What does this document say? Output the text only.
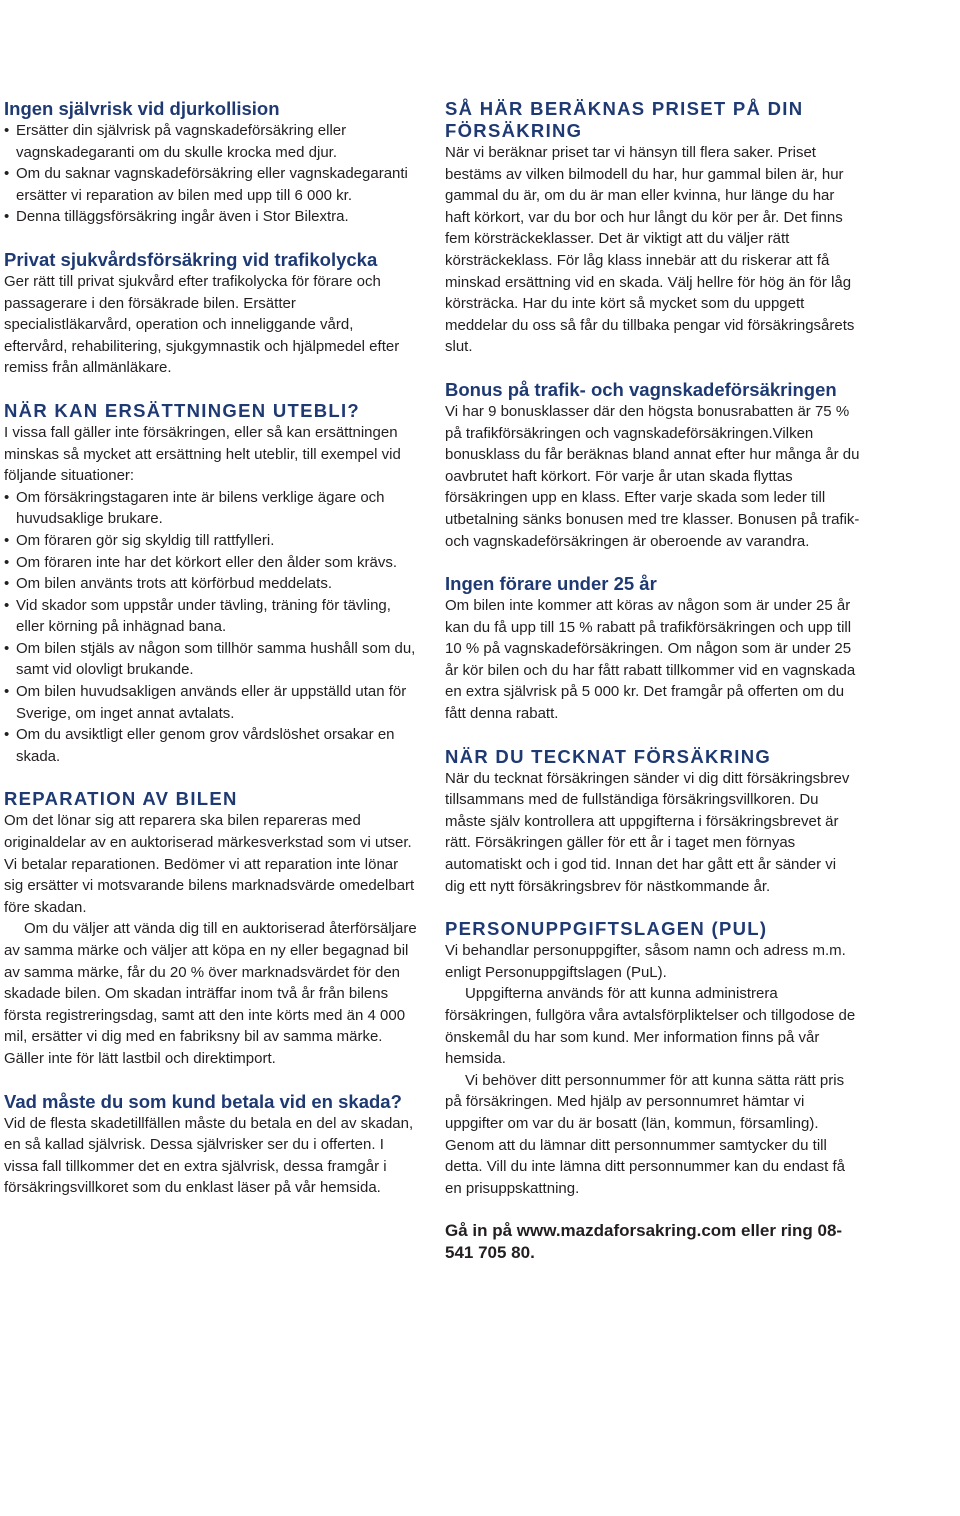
Ingen självrisk vid djurkollision
• Ersätter din självrisk på vagnskadeförsäkring eller vagnskadegaranti om du skulle krocka med djur.
• Om du saknar vagnskadeförsäkring eller vagnskadegaranti ersätter vi reparation av bilen med upp till 6 000 kr.
• Denna tilläggsförsäkring ingår även i Stor Bilextra.
Privat sjukvårdsförsäkring vid trafikolycka

Ger rätt till privat sjukvård efter trafikolycka för förare och passagerare i den försäkrade bilen. Ersätter specialistläkarvård, operation och inneliggande vård, eftervård, rehabilitering, sjukgymnastik och hjälpmedel efter remiss från allmänläkare.

NÄR KAN ERSÄTTNINGEN UTEBLI?

I vissa fall gäller inte försäkringen, eller så kan ersättningen minskas så mycket att ersättning helt uteblir, till exempel vid följande situationer:

• Om försäkringstagaren inte är bilens verklige ägare och huvudsaklige brukare.
• Om föraren gör sig skyldig till rattfylleri.
• Om föraren inte har det körkort eller den ålder som krävs.
• Om bilen använts trots att körförbud meddelats.
• Vid skador som uppstår under tävling, träning för tävling, eller körning på inhägnad bana.
• Om bilen stjäls av någon som tillhör samma hushåll som du, samt vid olovligt brukande.
• Om bilen huvudsakligen används eller är uppställd utan för Sverige, om inget annat avtalats.
• Om du avsiktligt eller genom grov vårdslöshet orsakar en skada.
REPARATION AV BILEN

Om det lönar sig att reparera ska bilen repareras med originaldelar av en auktoriserad märkesverkstad som vi utser. Vi betalar reparationen. Bedömer vi att reparation inte lönar sig ersätter vi motsvarande bilens marknadsvärde omedelbart före skadan.

Om du väljer att vända dig till en auktoriserad återförsäljare av samma märke och väljer att köpa en ny eller begagnad bil av samma märke, får du 20 % över marknadsvärdet för den skadade bilen. Om skadan inträffar inom två år från bilens första registreringsdag, samt att den inte körts med än 4 000 mil, ersätter vi dig med en fabriksny bil av samma märke. Gäller inte för lätt lastbil och direktimport.

Vad måste du som kund betala vid en skada?

Vid de flesta skadetillfällen måste du betala en del av skadan, en så kallad självrisk. Dessa självrisker ser du i offerten. I vissa fall tillkommer det en extra självrisk, dessa framgår i försäkringsvillkoret som du enklast läser på vår hemsida.

SÅ HÄR BERÄKNAS PRISET PÅ DIN FÖRSÄKRING

När vi beräknar priset tar vi hänsyn till flera saker. Priset bestäms av vilken bilmodell du har, hur gammal bilen är, hur gammal du är, om du är man eller kvinna, hur länge du har haft körkort, var du bor och hur långt du kör per år. Det finns fem körsträckeklasser. Det är viktigt att du väljer rätt körsträckeklass. För låg klass innebär att du riskerar att få minskad ersättning vid en skada. Välj hellre för hög än för låg körsträcka. Har du inte kört så mycket som du uppgett meddelar du oss så får du tillbaka pengar vid försäkringsårets slut.

Bonus på trafik- och vagnskadeförsäkringen

Vi har 9 bonusklasser där den högsta bonusrabatten är 75 % på trafikförsäkringen och vagnskadeförsäkringen.Vilken bonusklass du får beräknas bland annat efter hur många år du oavbrutet haft körkort. För varje år utan skada flyttas försäkringen upp en klass. Efter varje skada som leder till utbetalning sänks bonusen med tre klasser. Bonusen på trafik- och vagnskadeförsäkringen är oberoende av varandra.

Ingen förare under 25 år

Om bilen inte kommer att köras av någon som är under 25 år kan du få upp till 15 % rabatt på trafikförsäkringen och upp till 10 % på vagnskadeförsäkringen. Om någon som är under 25 år kör bilen och du har fått rabatt tillkommer vid en vagnskada en extra självrisk på 5 000 kr. Det framgår på offerten om du fått denna rabatt.

NÄR DU TECKNAT FÖRSÄKRING

När du tecknat försäkringen sänder vi dig ditt försäkringsbrev tillsammans med de fullständiga försäkringsvillkoren. Du måste själv kontrollera att uppgifterna i försäkringsbrevet är rätt. Försäkringen gäller för ett år i taget men förnyas automatiskt och i god tid. Innan det har gått ett år sänder vi dig ett nytt försäkringsbrev för nästkommande år.

PERSONUPPGIFTSLAGEN (PUL)

Vi behandlar personuppgifter, såsom namn och adress m.m. enligt Personuppgiftslagen (PuL).

Uppgifterna används för att kunna administrera försäkringen, fullgöra våra avtalsförpliktelser och tillgodose de önskemål du har som kund. Mer information finns på vår hemsida.

Vi behöver ditt personnummer för att kunna sätta rätt pris på försäkringen. Med hjälp av personnumret hämtar vi uppgifter om var du är bosatt (län, kommun, församling). Genom att du lämnar ditt personnummer samtycker du till detta. Vill du inte lämna ditt personnummer kan du endast få en prisuppskattning.

Gå in på www.mazdaforsakring.com eller ring 08-541 705 80.
